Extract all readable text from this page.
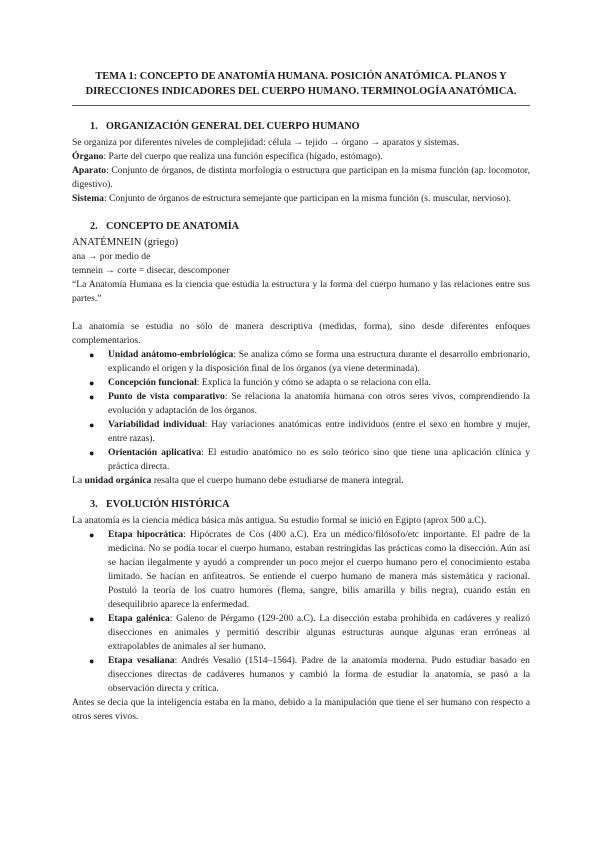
TEMA 1: CONCEPTO DE ANATOMÍA HUMANA. POSICIÓN ANATÓMICA. PLANOS Y DIRECCIONES INDICADORES DEL CUERPO HUMANO. TERMINOLOGÍA ANATÓMICA.

1. ORGANIZACIÓN GENERAL DEL CUERPO HUMANO

Se organiza por diferentes niveles de complejidad: célula → tejido → órgano → aparatos y sistemas.

Órgano: Parte del cuerpo que realiza una función específica (hígado, estómago).

Aparato: Conjunto de órganos, de distinta morfología o estructura que participan en la misma función (ap. locomotor, digestivo).

Sistema: Conjunto de órganos de estructura semejante que participan en la misma función (s. muscular, nervioso).

2. CONCEPTO DE ANATOMÍA

ANATÉMNEIN (griego)

ana → por medio de

temnein → corte = disecar, descomponer

“La Anatomía Humana es la ciencia que estudia la estructura y la forma del cuerpo humano y las relaciones entre sus partes.”

La anatomía se estudia no sólo de manera descriptiva (medidas, forma), sino desde diferentes enfoques complementarios.

● Unidad anátomo-embriológica: Se analiza cómo se forma una estructura durante el desarrollo embrionario, explicando el origen y la disposición final de los órganos (ya viene determinada).
● Concepción funcional: Explica la función y cómo se adapta o se relaciona con ella.
● Punto de vista comparativo: Se relaciona la anatomía humana con otros seres vivos, comprendiendo la evolución y adaptación de los órganos.
● Variabilidad individual: Hay variaciones anatómicas entre individuos (entre el sexo en hombre y mujer, entre razas).
● Orientación aplicativa: El estudio anatómico no es solo teórico sino que tiene una aplicación clínica y práctica directa.

La unidad orgánica resalta que el cuerpo humano debe estudiarse de manera integral.

3. EVOLUCIÓN HISTÓRICA

La anatomía es la ciencia médica básica más antigua. Su estudio formal se inició en Egipto (aprox 500 a.C).

● Etapa hipocrática: Hipócrates de Cos (400 a.C). Era un médico/filósofo/etc importante. El padre de la medicina. No se podía tocar el cuerpo humano, estaban restringidas las prácticas como la disección. Aún así se hacían ilegalmente y ayudó a comprender un poco mejor el cuerpo humano pero el conocimiento estaba limitado. Se hacían en anfiteatros. Se entiende el cuerpo humano de manera más sistemática y racional. Postuló la teoría de los cuatro humores (flema, sangre, bilis amarilla y bilis negra), cuando están en desequilibrio aparece la enfermedad.
● Etapa galénica: Galeno de Pérgamo (129-200 a.C). La disección estaba prohibida en cadáveres y realizó disecciones en animales y permitió describir algunas estructuras aunque algunas eran erróneas al extrapolables de animales al ser humano.
● Etapa vesaliana: Andrés Vesalio (1514–1564). Padre de la anatomía moderna. Pudo estudiar basado en disecciones directas de cadáveres humanos y cambió la forma de estudiar la anatomía, se pasó a la observación directa y crítica.

Antes se decía que la inteligencia estaba en la mano, debido a la manipulación que tiene el ser humano con respecto a otros seres vivos.
